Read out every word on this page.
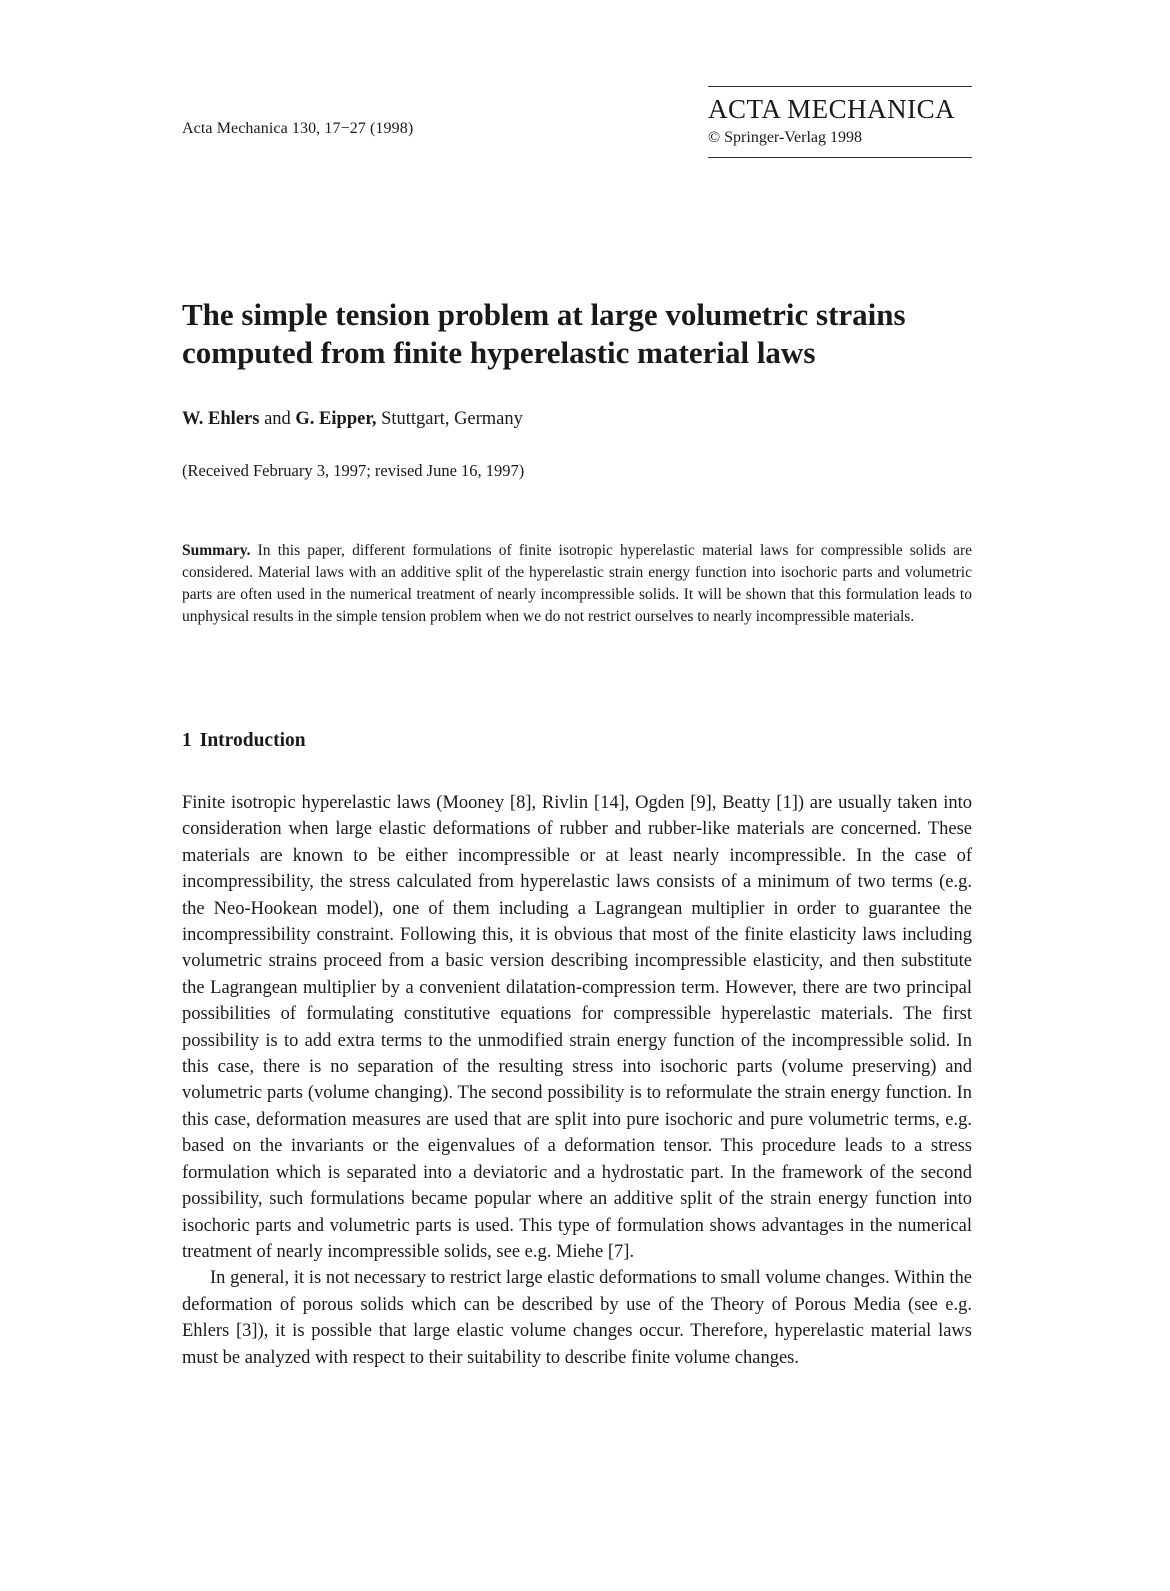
Acta Mechanica 130, 17−27 (1998)
ACTA MECHANICA
© Springer-Verlag 1998
The simple tension problem at large volumetric strains
computed from finite hyperelastic material laws
W. Ehlers and G. Eipper, Stuttgart, Germany
(Received February 3, 1997; revised June 16, 1997)

Summary. In this paper, different formulations of finite isotropic hyperelastic material laws for compressible solids are considered. Material laws with an additive split of the hyperelastic strain energy function into isochoric parts and volumetric parts are often used in the numerical treatment of nearly incompressible solids. It will be shown that this formulation leads to unphysical results in the simple tension problem when we do not restrict ourselves to nearly incompressible materials.

1 Introduction

Finite isotropic hyperelastic laws (Mooney [8], Rivlin [14], Ogden [9], Beatty [1]) are usually taken into consideration when large elastic deformations of rubber and rubber-like materials are concerned. These materials are known to be either incompressible or at least nearly incompressible. In the case of incompressibility, the stress calculated from hyperelastic laws consists of a minimum of two terms (e.g. the Neo-Hookean model), one of them including a Lagrangean multiplier in order to guarantee the incompressibility constraint. Following this, it is obvious that most of the finite elasticity laws including volumetric strains proceed from a basic version describing incompressible elasticity, and then substitute the Lagrangean multiplier by a convenient dilatation-compression term. However, there are two principal possibilities of formulating constitutive equations for compressible hyperelastic materials. The first possibility is to add extra terms to the unmodified strain energy function of the incompressible solid. In this case, there is no separation of the resulting stress into isochoric parts (volume preserving) and volumetric parts (volume changing). The second possibility is to reformulate the strain energy function. In this case, deformation measures are used that are split into pure isochoric and pure volumetric terms, e.g. based on the invariants or the eigenvalues of a deformation tensor. This procedure leads to a stress formulation which is separated into a deviatoric and a hydrostatic part. In the framework of the second possibility, such formulations became popular where an additive split of the strain energy function into isochoric parts and volumetric parts is used. This type of formulation shows advantages in the numerical treatment of nearly incompressible solids, see e.g. Miehe [7].

In general, it is not necessary to restrict large elastic deformations to small volume changes. Within the deformation of porous solids which can be described by use of the Theory of Porous Media (see e.g. Ehlers [3]), it is possible that large elastic volume changes occur. Therefore, hyperelastic material laws must be analyzed with respect to their suitability to describe finite volume changes.
